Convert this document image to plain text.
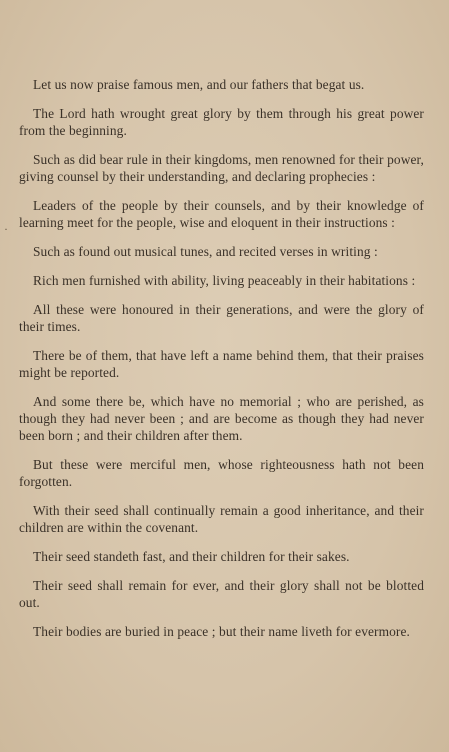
·

Let us now praise famous men, and our fathers that begat us.

The Lord hath wrought great glory by them through his great power from the beginning.

Such as did bear rule in their kingdoms, men renowned for their power, giving counsel by their understanding, and declaring prophecies :

Leaders of the people by their counsels, and by their knowledge of learning meet for the people, wise and eloquent in their instructions :

Such as found out musical tunes, and recited verses in writing :

Rich men furnished with ability, living peaceably in their habitations :

All these were honoured in their generations, and were the glory of their times.

There be of them, that have left a name behind them, that their praises might be reported.

And some there be, which have no memorial ; who are perished, as though they had never been ; and are become as though they had never been born ; and their children after them.

But these were merciful men, whose righteousness hath not been forgotten.

With their seed shall continually remain a good inheritance, and their children are within the covenant.

Their seed standeth fast, and their children for their sakes.

Their seed shall remain for ever, and their glory shall not be blotted out.

Their bodies are buried in peace ; but their name liveth for evermore.
